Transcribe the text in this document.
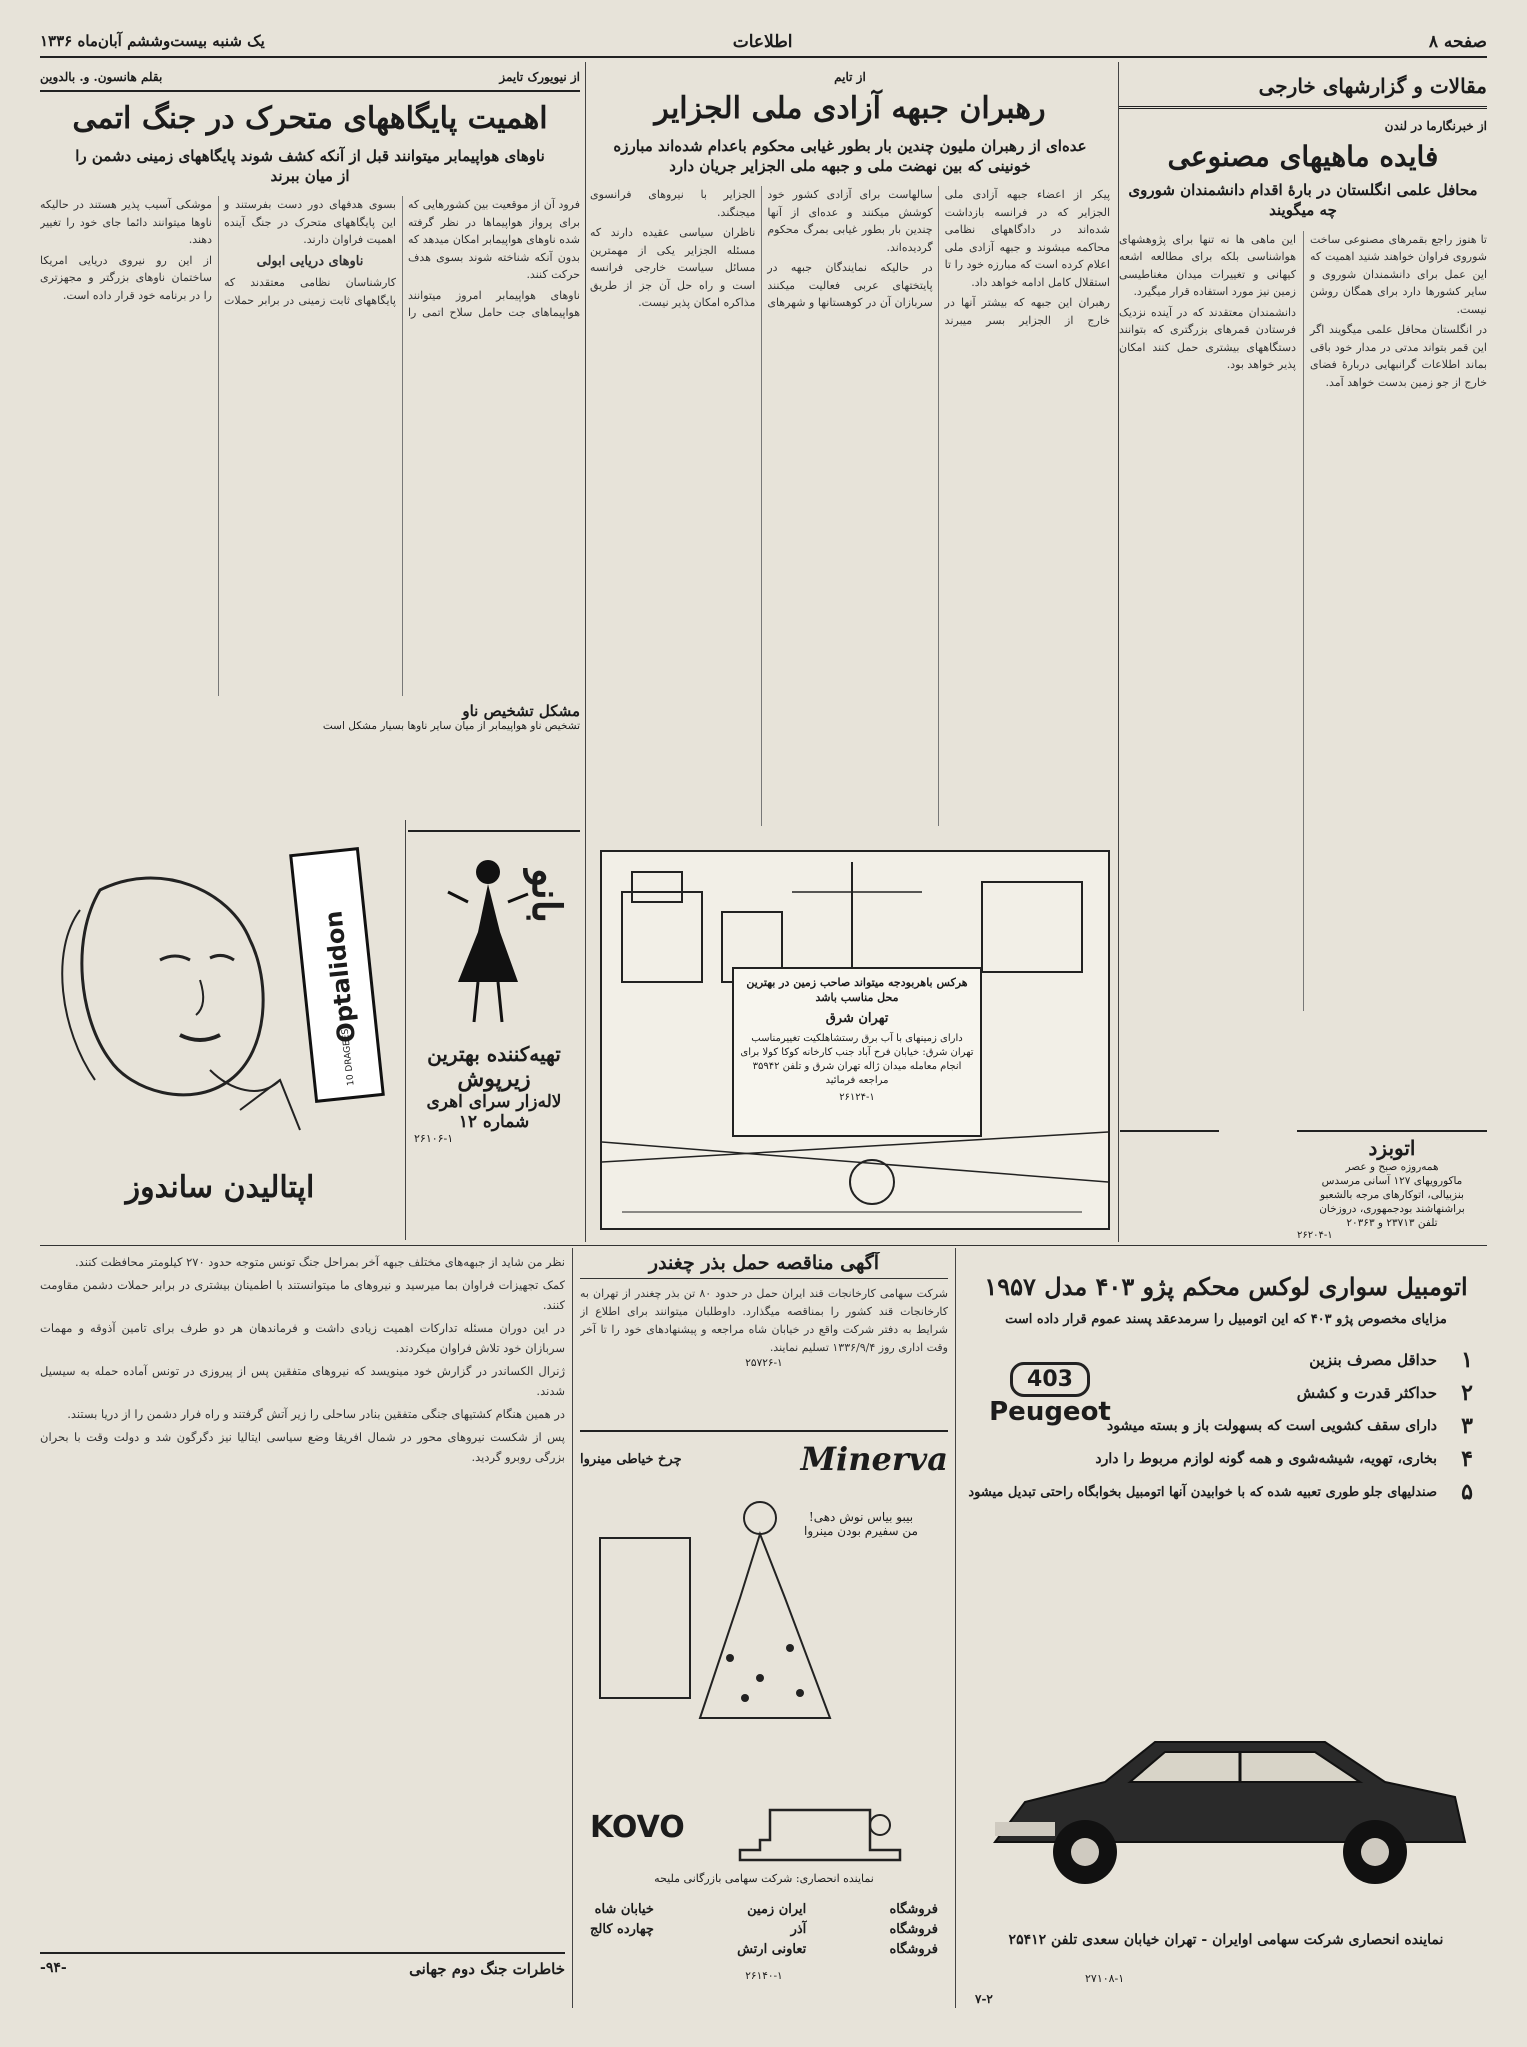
صفحه ۸
اطلاعات
یک شنبه بیست‌وششم آبان‌ماه ۱۳۳۶
مقالات و گزارشهای خارجی
از خبرنگارما در لندن
فایده ماهیهای مصنوعی
محافل علمی انگلستان در بارهٔ اقدام دانشمندان شوروی چه میگویند

تا هنوز راجع بقمرهای مصنوعی ساخت شوروی فراوان خواهند شنید اهمیت که این عمل برای دانشمندان شوروی و سایر کشورها دارد برای همگان روشن نیست.

در انگلستان محافل علمی میگویند اگر این قمر بتواند مدتی در مدار خود باقی بماند اطلاعات گرانبهایی دربارهٔ فضای خارج از جو زمین بدست خواهد آمد.

این ماهی ها نه تنها برای پژوهشهای هواشناسی بلکه برای مطالعه اشعه کیهانی و تغییرات میدان مغناطیسی زمین نیز مورد استفاده قرار میگیرد.

دانشمندان معتقدند که در آینده نزدیک فرستادن قمرهای بزرگتری که بتوانند دستگاههای بیشتری حمل کنند امکان پذیر خواهد بود.

اتوبزد
همه‌روزه صبح و عصر
ماکورویهای ۱۲۷ آسانی مرسدس
بنزبیالی، اتوکارهای مرجه بالشعبو
براشنهاشند بودجمهوری، دروزخان
تلفن ۲۳۷۱۳ و ۲۰۳۶۳
۲۶۲۰۴-۱
از تایم
رهبران جبهه آزادی ملی الجزایر
عده‌ای از رهبران ملیون چندین بار بطور غیابی محکوم باعدام شده‌اند مبارزه خونینی که بین نهضت ملی و جبهه ملی الجزایر جریان دارد

پیکر از اعضاء جبهه آزادی ملی الجزایر که در فرانسه بازداشت شده‌اند در دادگاههای نظامی محاکمه میشوند و جبهه آزادی ملی اعلام کرده است که مبارزه خود را تا استقلال کامل ادامه خواهد داد.

رهبران این جبهه که بیشتر آنها در خارج از الجزایر بسر میبرند سالهاست برای آزادی کشور خود کوشش میکنند و عده‌ای از آنها چندین بار بطور غیابی بمرگ محکوم گردیده‌اند.

در حالیکه نمایندگان جبهه در پایتختهای عربی فعالیت میکنند سربازان آن در کوهستانها و شهرهای الجزایر با نیروهای فرانسوی میجنگند.

ناظران سیاسی عقیده دارند که مسئله الجزایر یکی از مهمترین مسائل سیاست خارجی فرانسه است و راه حل آن جز از طریق مذاکره امکان پذیر نیست.

از نیویورک تایمز
بقلم هانسون. و. بالدوین
اهمیت پایگاههای متحرک در جنگ اتمی
ناوهای هواپیمابر میتوانند قبل از آنکه کشف شوند پایگاههای زمینی دشمن را از میان ببرند

فرود آن از موقعیت بین کشورهایی که برای پرواز هواپیماها در نظر گرفته شده ناوهای هواپیمابر امکان میدهد که بدون آنکه شناخته شوند بسوی هدف حرکت کنند.

ناوهای هواپیمابر امروز میتوانند هواپیماهای جت حامل سلاح اتمی را بسوی هدفهای دور دست بفرستند و این پایگاههای متحرک در جنگ آینده اهمیت فراوان دارند.

ناوهای دریایی ابولی

کارشناسان نظامی معتقدند که پایگاههای ثابت زمینی در برابر حملات موشکی آسیب پذیر هستند در حالیکه ناوها میتوانند دائما جای خود را تغییر دهند.

از این رو نیروی دریایی امریکا ساختمان ناوهای بزرگتر و مجهزتری را در برنامه خود قرار داده است.

مشکل تشخیص ناو
تشخیص ناو هواپیمابر از میان سایر ناوها بسیار مشکل است
Optalidon
10 DRAGEES
اپتالیدن ساندوز
بانو
تهیه‌کننده بهترین
زیرپوش
لاله‌زار سرای اهری
شماره ۱۲
۲۶۱۰۶-۱
هرکس باهربودجه میتواند صاحب زمین در بهترین محل مناسب باشد
تهران شرق
دارای زمینهای با آب برق رستشاهلکیت تغییرمناسب تهران شرق: خیابان فرح آباد جنب کارخانه کوکا کولا برای انجام معامله میدان ژاله تهران شرق و تلفن ۳۵۹۴۲ مراجعه فرمائید
۲۶۱۲۴-۱

نظر من شاید از جبهه‌های مختلف جبهه آخر بمراحل جنگ تونس متوجه حدود ۲۷۰ کیلومتر محافظت کنند.

کمک تجهیزات فراوان بما میرسید و نیروهای ما میتوانستند با اطمینان بیشتری در برابر حملات دشمن مقاومت کنند.

در این دوران مسئله تدارکات اهمیت زیادی داشت و فرماندهان هر دو طرف برای تامین آذوقه و مهمات سربازان خود تلاش فراوان میکردند.

ژنرال الکساندر در گزارش خود مینویسد که نیروهای متفقین پس از پیروزی در تونس آماده حمله به سیسیل شدند.

در همین هنگام کشتیهای جنگی متفقین بنادر ساحلی را زیر آتش گرفتند و راه فرار دشمن را از دریا بستند.

پس از شکست نیروهای محور در شمال افریقا وضع سیاسی ایتالیا نیز دگرگون شد و دولت وقت با بحران بزرگی روبرو گردید.

خاطرات جنگ دوم جهانی
-۹۴-
آگهی مناقصه حمل بذر چغندر
شرکت سهامی کارخانجات قند ایران حمل در حدود ۸۰ تن بذر چغندر از تهران به کارخانجات قند کشور را بمناقصه میگذارد. داوطلبان میتوانند برای اطلاع از شرایط به دفتر شرکت واقع در خیابان شاه مراجعه و پیشنهادهای خود را تا آخر وقت اداری روز ۱۳۳۶/۹/۴ تسلیم نمایند.
۲۵۷۲۶-۱
Minerva
چرخ خیاطی مینروا
بیبو بیاس نوش دهی!
من سفیرم بودن مینروا
KOVO
نماینده انحصاری: شرکت سهامی بازرگانی ملیحه
فروشگاه
فروشگاه
فروشگاه
ایران زمین
آذر
تعاونی ارتش
خیابان شاه
چهارده کالج
۲۶۱۴۰-۱
اتومبیل سواری لوکس محکم پژو ۴۰۳ مدل ۱۹۵۷
مزایای مخصوص پژو ۴۰۳ که این اتومبیل را سرمدعقد پسند عموم قرار داده است
403
Peugeot
۱
حداقل مصرف بنزین
۲
حداکثر قدرت و کشش
۳
دارای سقف کشویی است که بسهولت باز و بسته میشود
۴
بخاری، تهویه، شیشه‌شوی و همه گونه لوازم مربوط را دارد
۵
صندلیهای جلو طوری تعبیه شده که با خوابیدن آنها اتومبیل بخوابگاه راحتی تبدیل میشود
نماینده انحصاری شرکت سهامی اوایران - تهران خیابان سعدی تلفن ۲۵۴۱۲
۲۷۱۰۸-۱
۷-۲
